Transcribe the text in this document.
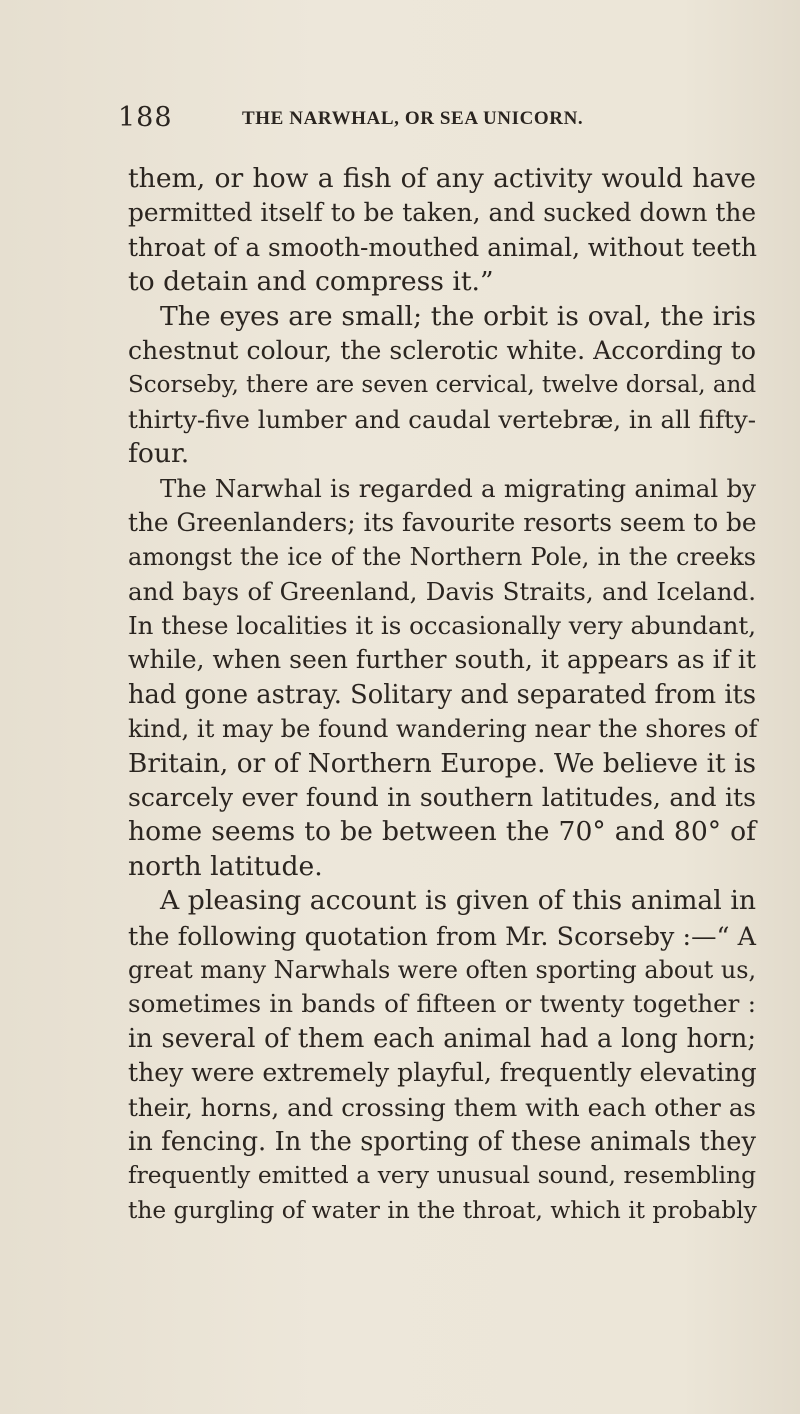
188	THE NARWHAL, OR SEA UNICORN.
them, or how a fish of any activity would have
permitted itself to be taken, and sucked down the
throat of a smooth-mouthed animal, without teeth
to detain and compress it.”
The eyes are small; the orbit is oval, the iris
chestnut colour, the sclerotic white. According to
Scorseby, there are seven cervical, twelve dorsal, and
thirty-five lumber and caudal vertebræ, in all fifty-
four.
The Narwhal is regarded a migrating animal by
the Greenlanders; its favourite resorts seem to be
amongst the ice of the Northern Pole, in the creeks
and bays of Greenland, Davis Straits, and Iceland.
In these localities it is occasionally very abundant,
while, when seen further south, it appears as if it
had gone astray. Solitary and separated from its
kind, it may be found wandering near the shores of
Britain, or of Northern Europe. We believe it is
scarcely ever found in southern latitudes, and its
home seems to be between the 70° and 80° of
north latitude.
A pleasing account is given of this animal in
the following quotation from Mr. Scorseby :—“ A
great many Narwhals were often sporting about us,
sometimes in bands of fifteen or twenty together :
in several of them each animal had a long horn;
they were extremely playful, frequently elevating
their, horns, and crossing them with each other as
in fencing. In the sporting of these animals they
frequently emitted a very unusual sound, resembling
the gurgling of water in the throat, which it probably
